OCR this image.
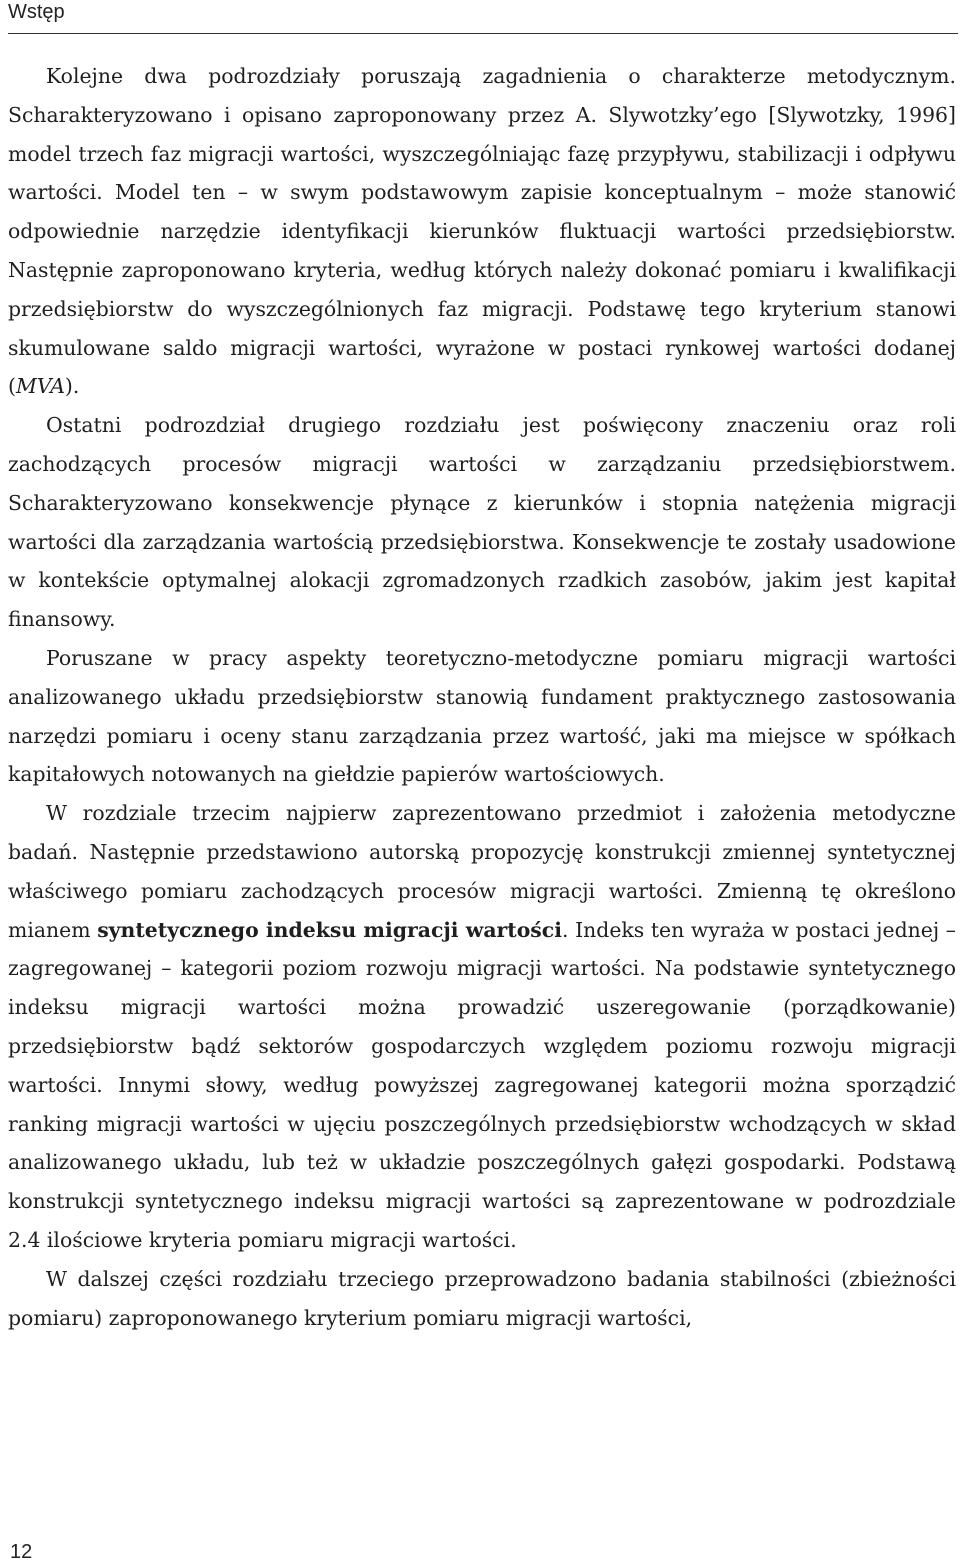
Wstęp

Kolejne dwa podrozdziały poruszają zagadnienia o charakterze metodycznym. Scharakteryzowano i opisano zaproponowany przez A. Slywotzky’ego [Slywotzky, 1996] model trzech faz migracji wartości, wyszczególniając fazę przypływu, stabilizacji i odpływu wartości. Model ten – w swym podstawowym zapisie konceptualnym – może stanowić odpowiednie narzędzie identyfikacji kierunków fluktuacji wartości przedsiębiorstw. Następnie zaproponowano kryteria, według których należy dokonać pomiaru i kwalifikacji przedsiębiorstw do wyszczególnionych faz migracji. Podstawę tego kryterium stanowi skumulowane saldo migracji wartości, wyrażone w postaci rynkowej wartości dodanej (MVA).

Ostatni podrozdział drugiego rozdziału jest poświęcony znaczeniu oraz roli zachodzących procesów migracji wartości w zarządzaniu przedsiębiorstwem. Scharakteryzowano konsekwencje płynące z kierunków i stopnia natężenia migracji wartości dla zarządzania wartością przedsiębiorstwa. Konsekwencje te zostały usadowione w kontekście optymalnej alokacji zgromadzonych rzadkich zasobów, jakim jest kapitał finansowy.

Poruszane w pracy aspekty teoretyczno-metodyczne pomiaru migracji wartości analizowanego układu przedsiębiorstw stanowią fundament praktycznego zastosowania narzędzi pomiaru i oceny stanu zarządzania przez wartość, jaki ma miejsce w spółkach kapitałowych notowanych na giełdzie papierów wartościowych.

W rozdziale trzecim najpierw zaprezentowano przedmiot i założenia metodyczne badań. Następnie przedstawiono autorską propozycję konstrukcji zmiennej syntetycznej właściwego pomiaru zachodzących procesów migracji wartości. Zmienną tę określono mianem syntetycznego indeksu migracji wartości. Indeks ten wyraża w postaci jednej – zagregowanej – kategorii poziom rozwoju migracji wartości. Na podstawie syntetycznego indeksu migracji wartości można prowadzić uszeregowanie (porządkowanie) przedsiębiorstw bądź sektorów gospodarczych względem poziomu rozwoju migracji wartości. Innymi słowy, według powyższej zagregowanej kategorii można sporządzić ranking migracji wartości w ujęciu poszczególnych przedsiębiorstw wchodzących w skład analizowanego układu, lub też w układzie poszczególnych gałęzi gospodarki. Podstawą konstrukcji syntetycznego indeksu migracji wartości są zaprezentowane w podrozdziale 2.4 ilościowe kryteria pomiaru migracji wartości.

W dalszej części rozdziału trzeciego przeprowadzono badania stabilności (zbieżności pomiaru) zaproponowanego kryterium pomiaru migracji wartości,

12
